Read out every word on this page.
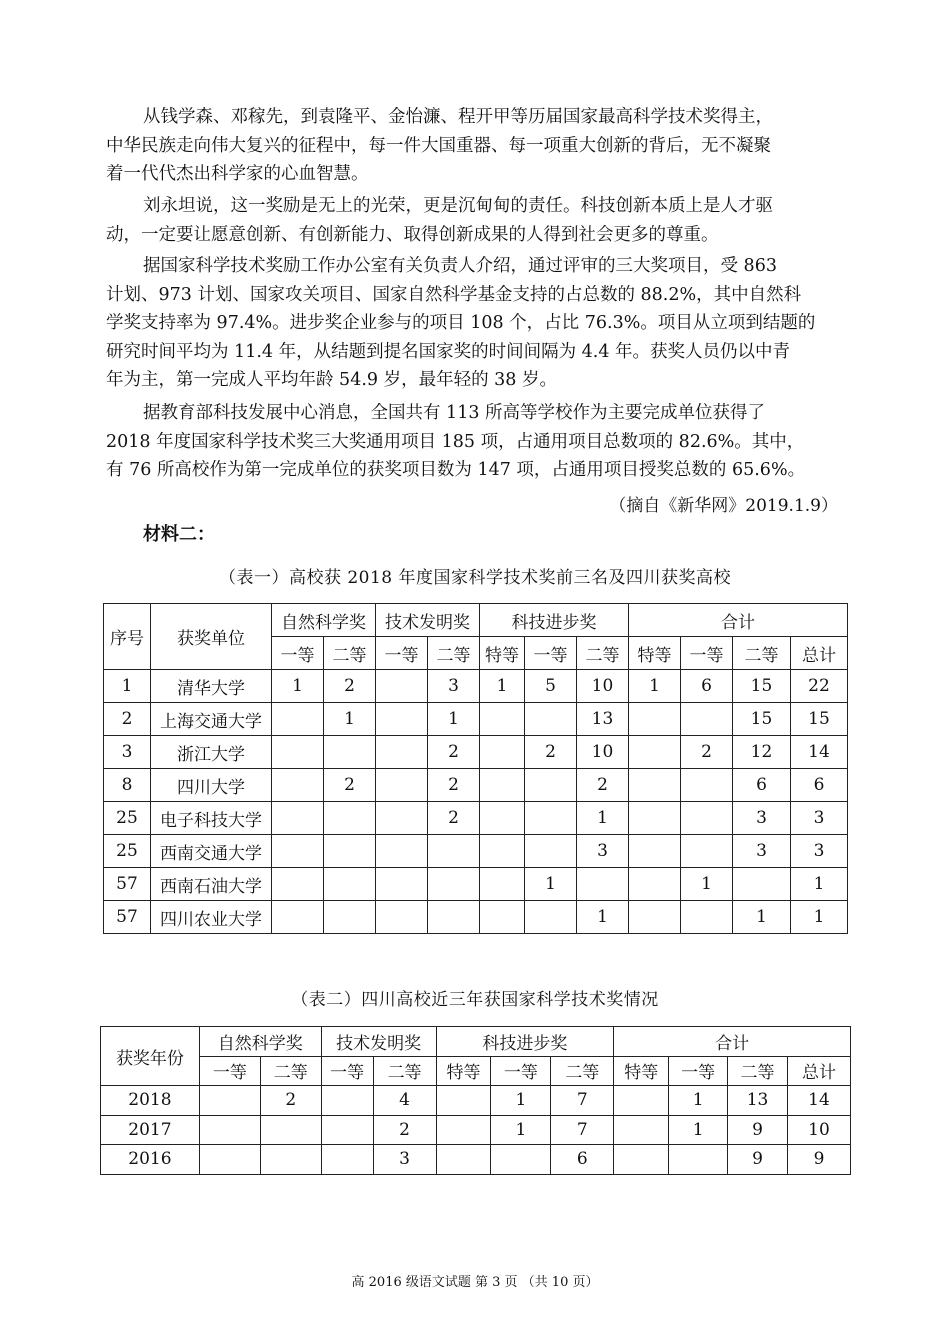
从钱学森、邓稼先，到袁隆平、金怡濂、程开甲等历届国家最高科学技术奖得主，
中华民族走向伟大复兴的征程中，每一件大国重器、每一项重大创新的背后，无不凝聚
着一代代杰出科学家的心血智慧。
刘永坦说，这一奖励是无上的光荣，更是沉甸甸的责任。科技创新本质上是人才驱
动，一定要让愿意创新、有创新能力、取得创新成果的人得到社会更多的尊重。
据国家科学技术奖励工作办公室有关负责人介绍，通过评审的三大奖项目，受 863
计划、973 计划、国家攻关项目、国家自然科学基金支持的占总数的 88.2%，其中自然科
学奖支持率为 97.4%。进步奖企业参与的项目 108 个，占比 76.3%。项目从立项到结题的
研究时间平均为 11.4 年，从结题到提名国家奖的时间间隔为 4.4 年。获奖人员仍以中青
年为主，第一完成人平均年龄 54.9 岁，最年轻的 38 岁。
据教育部科技发展中心消息，全国共有 113 所高等学校作为主要完成单位获得了
2018 年度国家科学技术奖三大奖通用项目 185 项，占通用项目总数项的 82.6%。其中，
有 76 所高校作为第一完成单位的获奖项目数为 147 项，占通用项目授奖总数的 65.6%。
（摘自《新华网》2019.1.9）
材料二：
（表一）高校获 2018 年度国家科学技术奖前三名及四川获奖高校
序号	获奖单位	自然科学奖		技术发明奖		科技进步奖			合计			
		一等	二等	一等	二等	特等	一等	二等	特等	一等	二等	总计
1	清华大学	1	2		3	1	5	10	1	6	15	22
2	上海交通大学		1		1			13			15	15
3	浙江大学				2		2	10		2	12	14
8	四川大学		2		2			2			6	6
25	电子科技大学				2			1			3	3
25	西南交通大学							3			3	3
57	西南石油大学						1			1		1
57	四川农业大学							1			1	1
（表二）四川高校近三年获国家科学技术奖情况
获奖年份	自然科学奖		技术发明奖		科技进步奖			合计			
	一等	二等	一等	二等	特等	一等	二等	特等	一等	二等	总计
2018		2		4		1	7		1	13	14
2017				2		1	7		1	9	10
2016				3			6			9	9
高 2016 级语文试题 第 3 页 （共 10 页）
